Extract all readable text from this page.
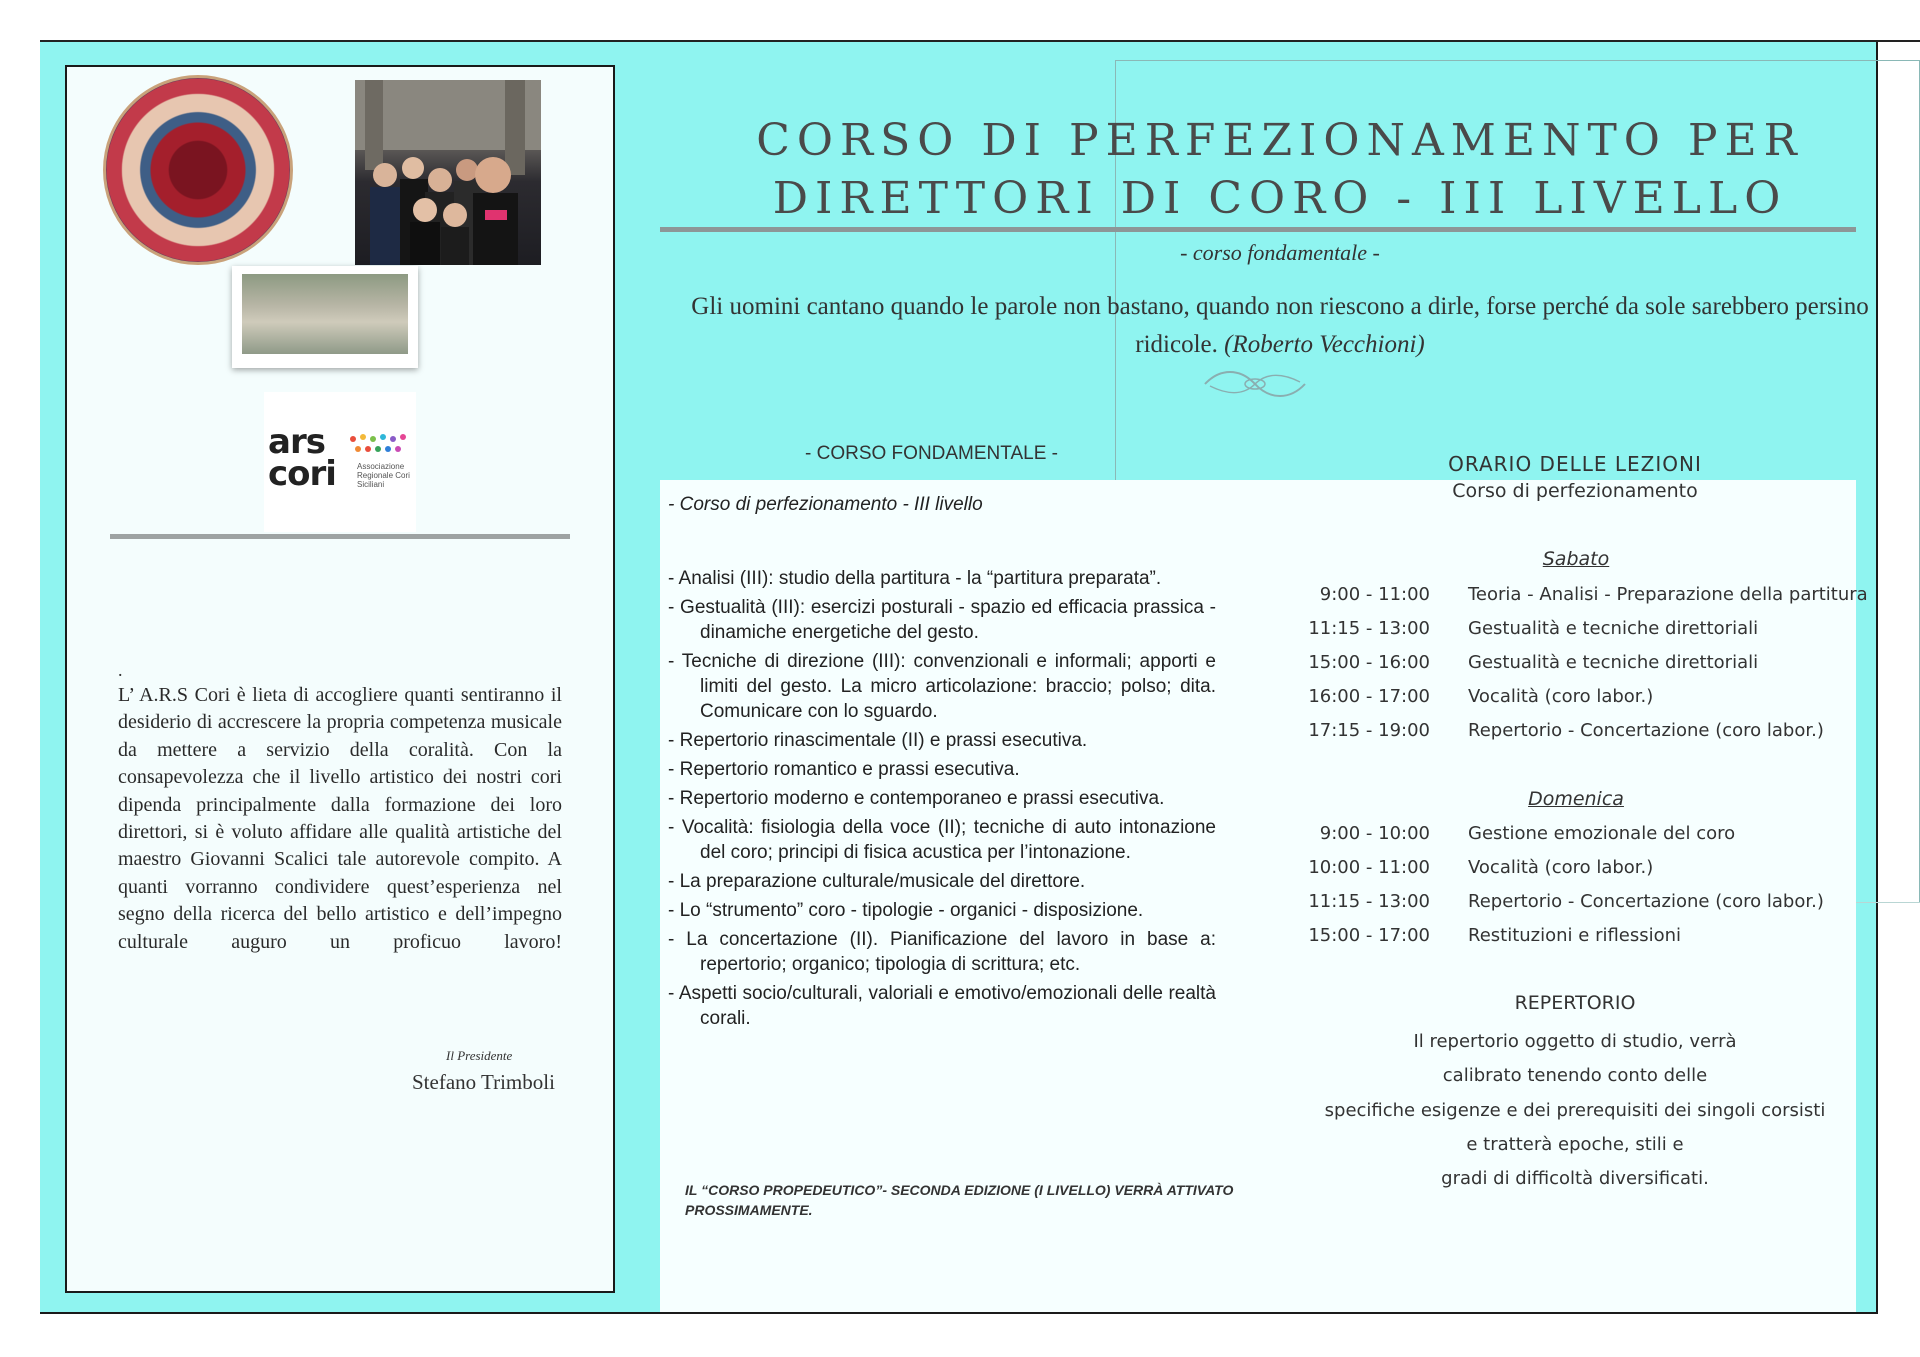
ars
cori	Associazione Regionale Cori Siciliani
.

L’ A.R.S Cori è lieta di accogliere quanti sentiranno il desiderio di accrescere la propria competenza musicale da mettere a servizio della coralità. Con la consapevolezza che il livello artistico dei nostri cori dipenda principalmente dalla formazione dei loro direttori, si è voluto affidare alle qualità artistiche del maestro Giovanni Scalici tale autorevole compito. A quanti vorranno condividere quest’esperienza nel segno della ricerca del bello artistico e dell’impegno culturale auguro un proficuo lavoro!

Il Presidente
Stefano Trimboli
CORSO DI PERFEZIONAMENTO PER
DIRETTORI DI CORO - III LIVELLO
- corso fondamentale -
Gli uomini cantano quando le parole non bastano, quando non riescono a dirle, forse perché da sole sarebbero persino ridicole. (Roberto Vecchioni)
- CORSO FONDAMENTALE -
- Corso di perfezionamento - III livello
- Analisi (III): studio della partitura - la “partitura preparata”.
- Gestualità (III): esercizi posturali - spazio ed efficacia prassica - dinamiche energetiche del gesto.
- Tecniche di direzione (III): convenzionali e informali; apporti e limiti del gesto. La micro articolazione: braccio; polso; dita. Comunicare con lo sguardo.
- Repertorio rinascimentale (II) e prassi esecutiva.
- Repertorio romantico e prassi esecutiva.
- Repertorio moderno e contemporaneo e prassi esecutiva.
- Vocalità: fisiologia della voce (II); tecniche di auto intonazione del coro; principi di fisica acustica per l’intonazione.
- La preparazione culturale/musicale del direttore.
- Lo “strumento” coro - tipologie - organici - disposizione.
- La concertazione (II). Pianificazione del lavoro in base a: repertorio; organico; tipologia di scrittura; etc.
- Aspetti socio/culturali, valoriali e emotivo/emozionali delle realtà corali.
IL “CORSO PROPEDEUTICO”- SECONDA EDIZIONE (I LIVELLO) VERRÀ ATTIVATO PROSSIMAMENTE.
ORARIO DELLE LEZIONI
Corso di perfezionamento
Sabato
9:00 - 11:00 Teoria - Analisi - Preparazione della partitura
11:15 - 13:00 Gestualità e tecniche direttoriali
15:00 - 16:00 Gestualità e tecniche direttoriali
16:00 - 17:00 Vocalità (coro labor.)
17:15 - 19:00 Repertorio - Concertazione (coro labor.)
Domenica
9:00 - 10:00 Gestione emozionale del coro
10:00 - 11:00 Vocalità (coro labor.)
11:15 - 13:00 Repertorio - Concertazione (coro labor.)
15:00 - 17:00 Restituzioni e riflessioni
REPERTORIO
Il repertorio oggetto di studio, verrà
calibrato tenendo conto delle
specifiche esigenze e dei prerequisiti dei singoli corsisti
e tratterà epoche, stili e
gradi di difficoltà diversificati.
